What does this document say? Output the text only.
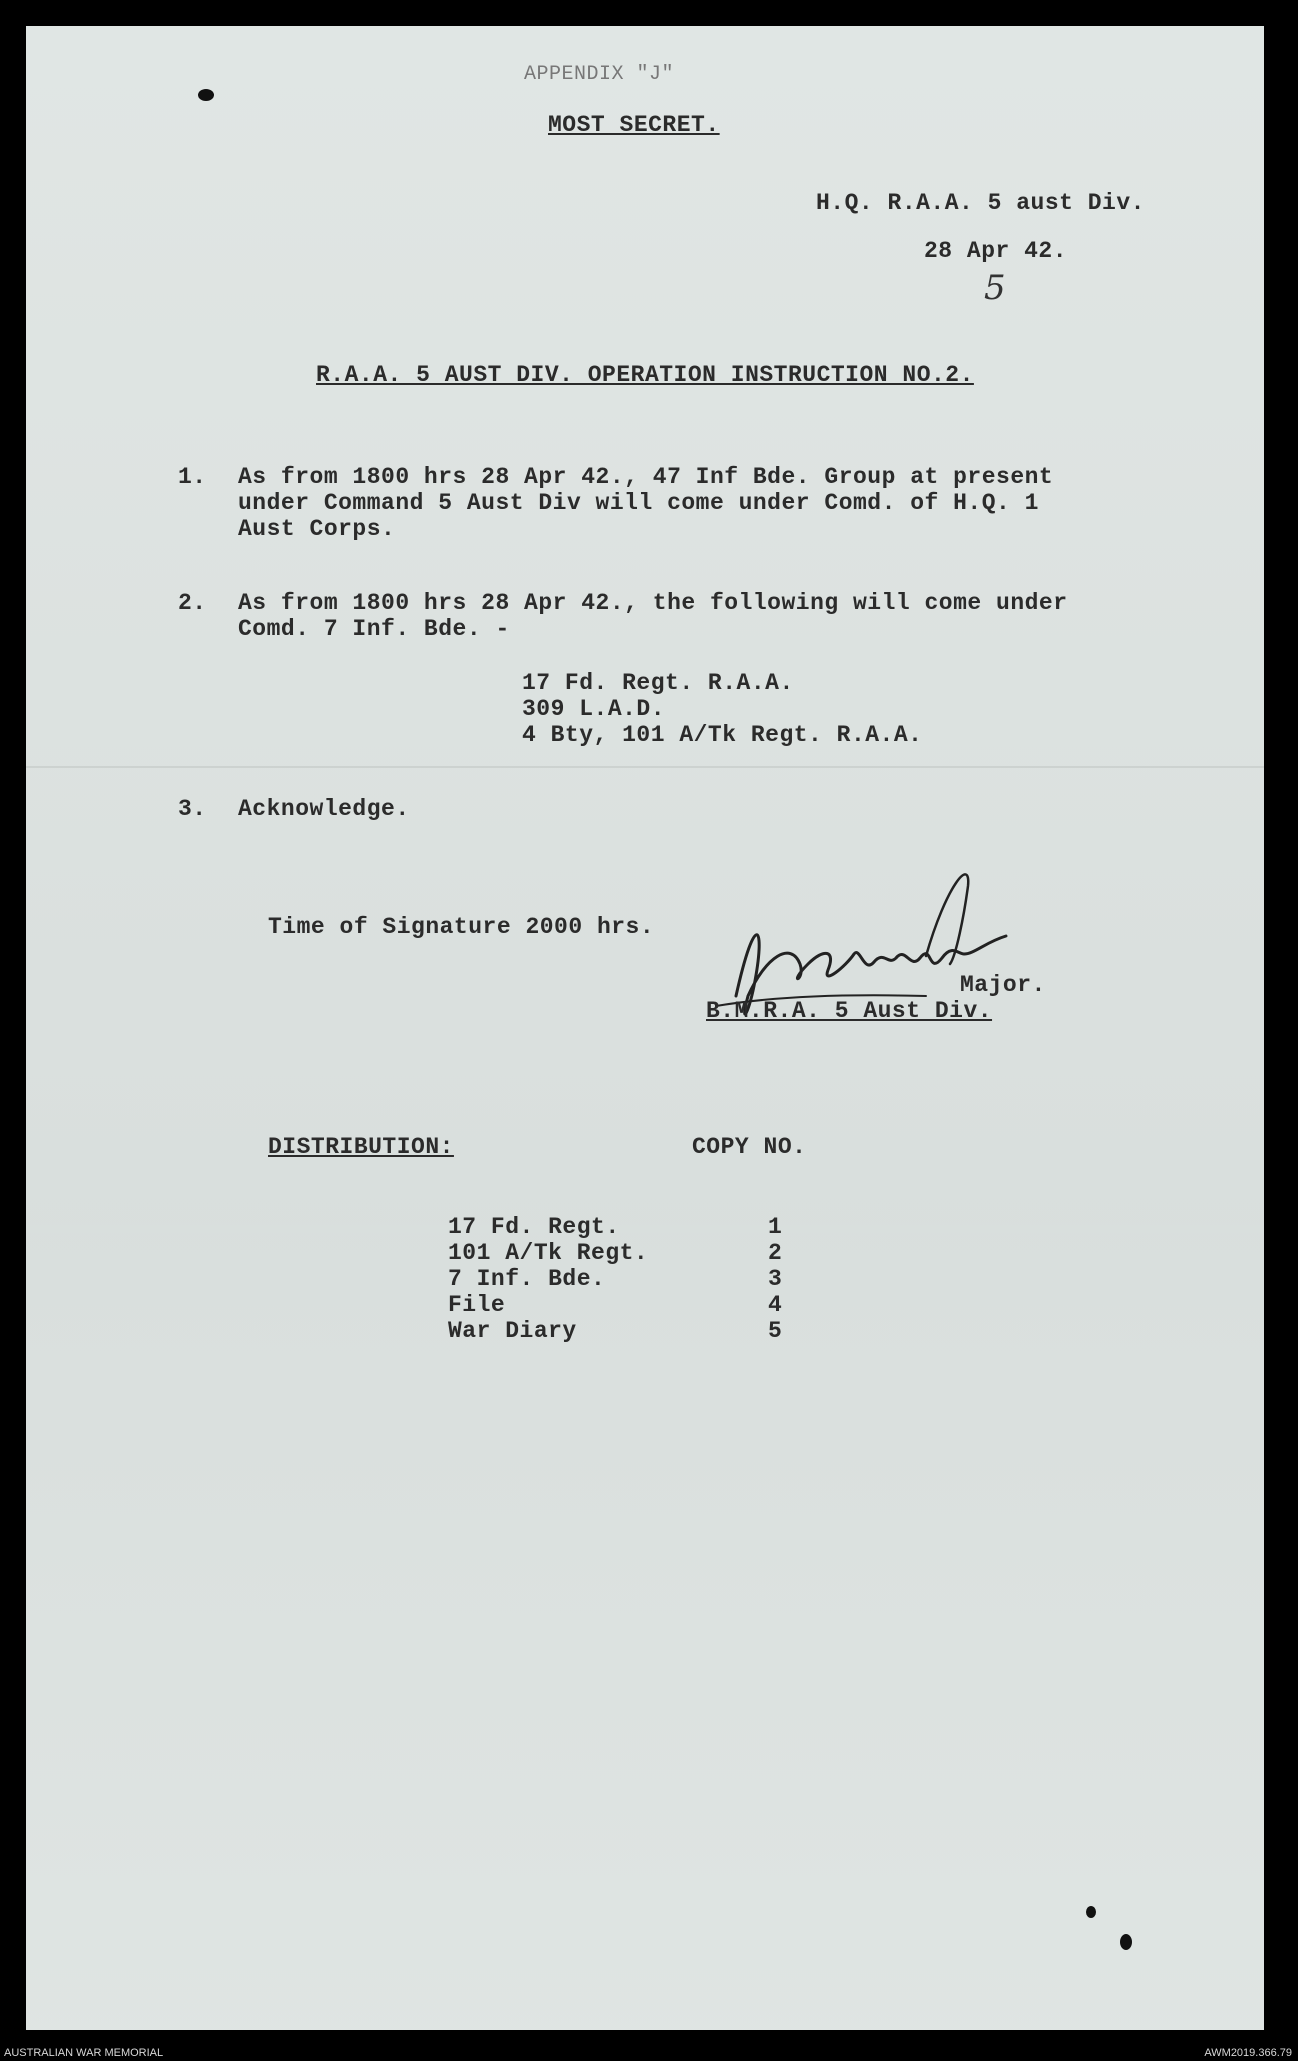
APPENDIX "J"
MOST SECRET.
H.Q. R.A.A. 5 aust Div.
28 Apr 42.
5
R.A.A. 5 AUST DIV. OPERATION INSTRUCTION NO.2.
1. As from 1800 hrs 28 Apr 42., 47 Inf Bde. Group at present
under Command 5 Aust Div will come under Comd. of H.Q. 1
Aust Corps.
2. As from 1800 hrs 28 Apr 42., the following will come under
Comd. 7 Inf. Bde. -
17 Fd. Regt. R.A.A.
309 L.A.D.
4 Bty, 101 A/Tk Regt. R.A.A.
3. Acknowledge.
Time of Signature 2000 hrs.
Major.
B.M.R.A. 5 Aust Div.
DISTRIBUTION:	COPY NO.
17 Fd. Regt.	1
101 A/Tk Regt.	2
7 Inf. Bde.	3
File	4
War Diary	5
AUSTRALIAN WAR MEMORIAL	AWM2019.366.79
